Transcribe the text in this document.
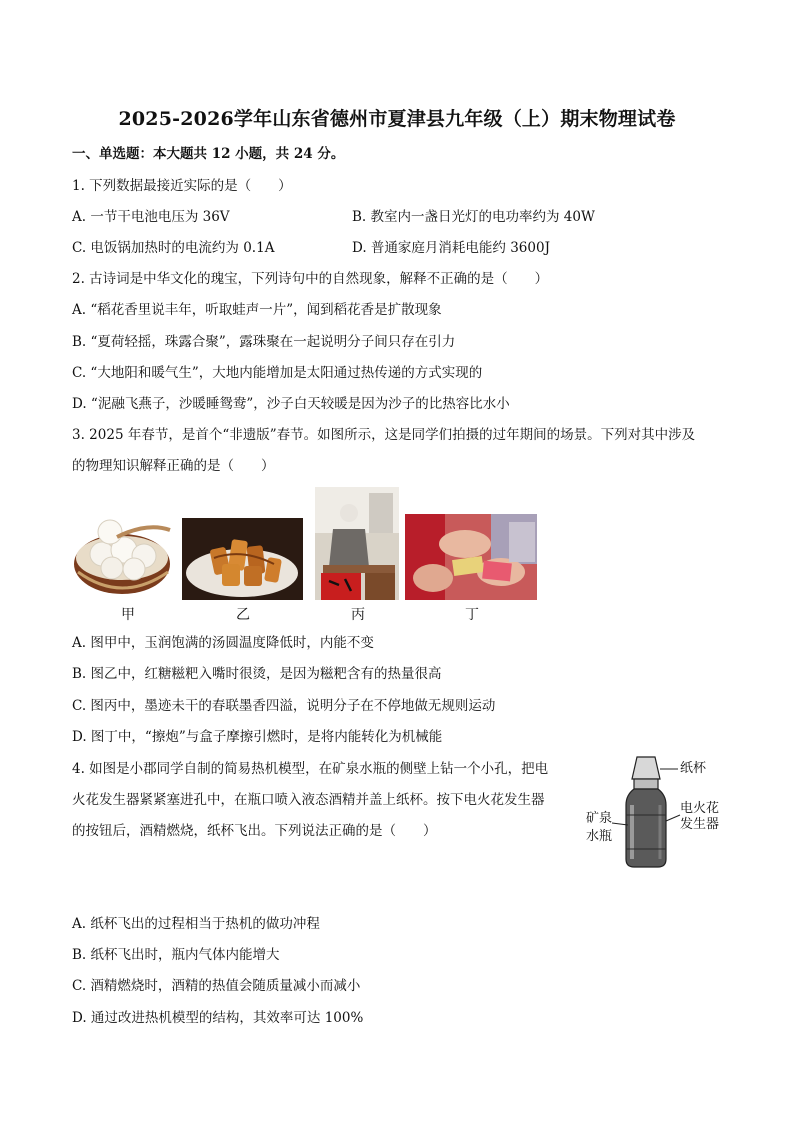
2025-2026学年山东省德州市夏津县九年级（上）期末物理试卷
一、单选题：本大题共 12 小题，共 24 分。
1. 下列数据最接近实际的是（　　）
A. 一节干电池电压为 36V	B. 教室内一盏日光灯的电功率约为 40W
C. 电饭锅加热时的电流约为 0.1A	D. 普通家庭月消耗电能约 3600J
2. 古诗词是中华文化的瑰宝，下列诗句中的自然现象，解释不正确的是（　　）
A. “稻花香里说丰年，听取蛙声一片”，闻到稻花香是扩散现象
B. “夏荷轻摇，珠露合聚”，露珠聚在一起说明分子间只存在引力
C. “大地阳和暖气生”，大地内能增加是太阳通过热传递的方式实现的
D. “泥融飞燕子，沙暖睡鸳鸯”，沙子白天较暖是因为沙子的比热容比水小
3. 2025 年春节，是首个“非遗版”春节。如图所示，这是同学们拍摄的过年期间的场景。下列对其中涉及
的物理知识解释正确的是（　　）
甲	乙	丙	丁
A. 图甲中，玉润饱满的汤圆温度降低时，内能不变
B. 图乙中，红糖糍粑入嘴时很烫，是因为糍粑含有的热量很高
C. 图丙中，墨迹未干的春联墨香四溢，说明分子在不停地做无规则运动
D. 图丁中，“擦炮”与盒子摩擦引燃时，是将内能转化为机械能
4. 如图是小郡同学自制的简易热机模型，在矿泉水瓶的侧壁上钻一个小孔，把电
火花发生器紧紧塞进孔中，在瓶口喷入液态酒精并盖上纸杯。按下电火花发生器
的按钮后，酒精燃烧，纸杯飞出。下列说法正确的是（　　）
纸杯
电火花
发生器
矿泉
水瓶
A. 纸杯飞出的过程相当于热机的做功冲程
B. 纸杯飞出时，瓶内气体内能增大
C. 酒精燃烧时，酒精的热值会随质量减小而减小
D. 通过改进热机模型的结构，其效率可达 100%
